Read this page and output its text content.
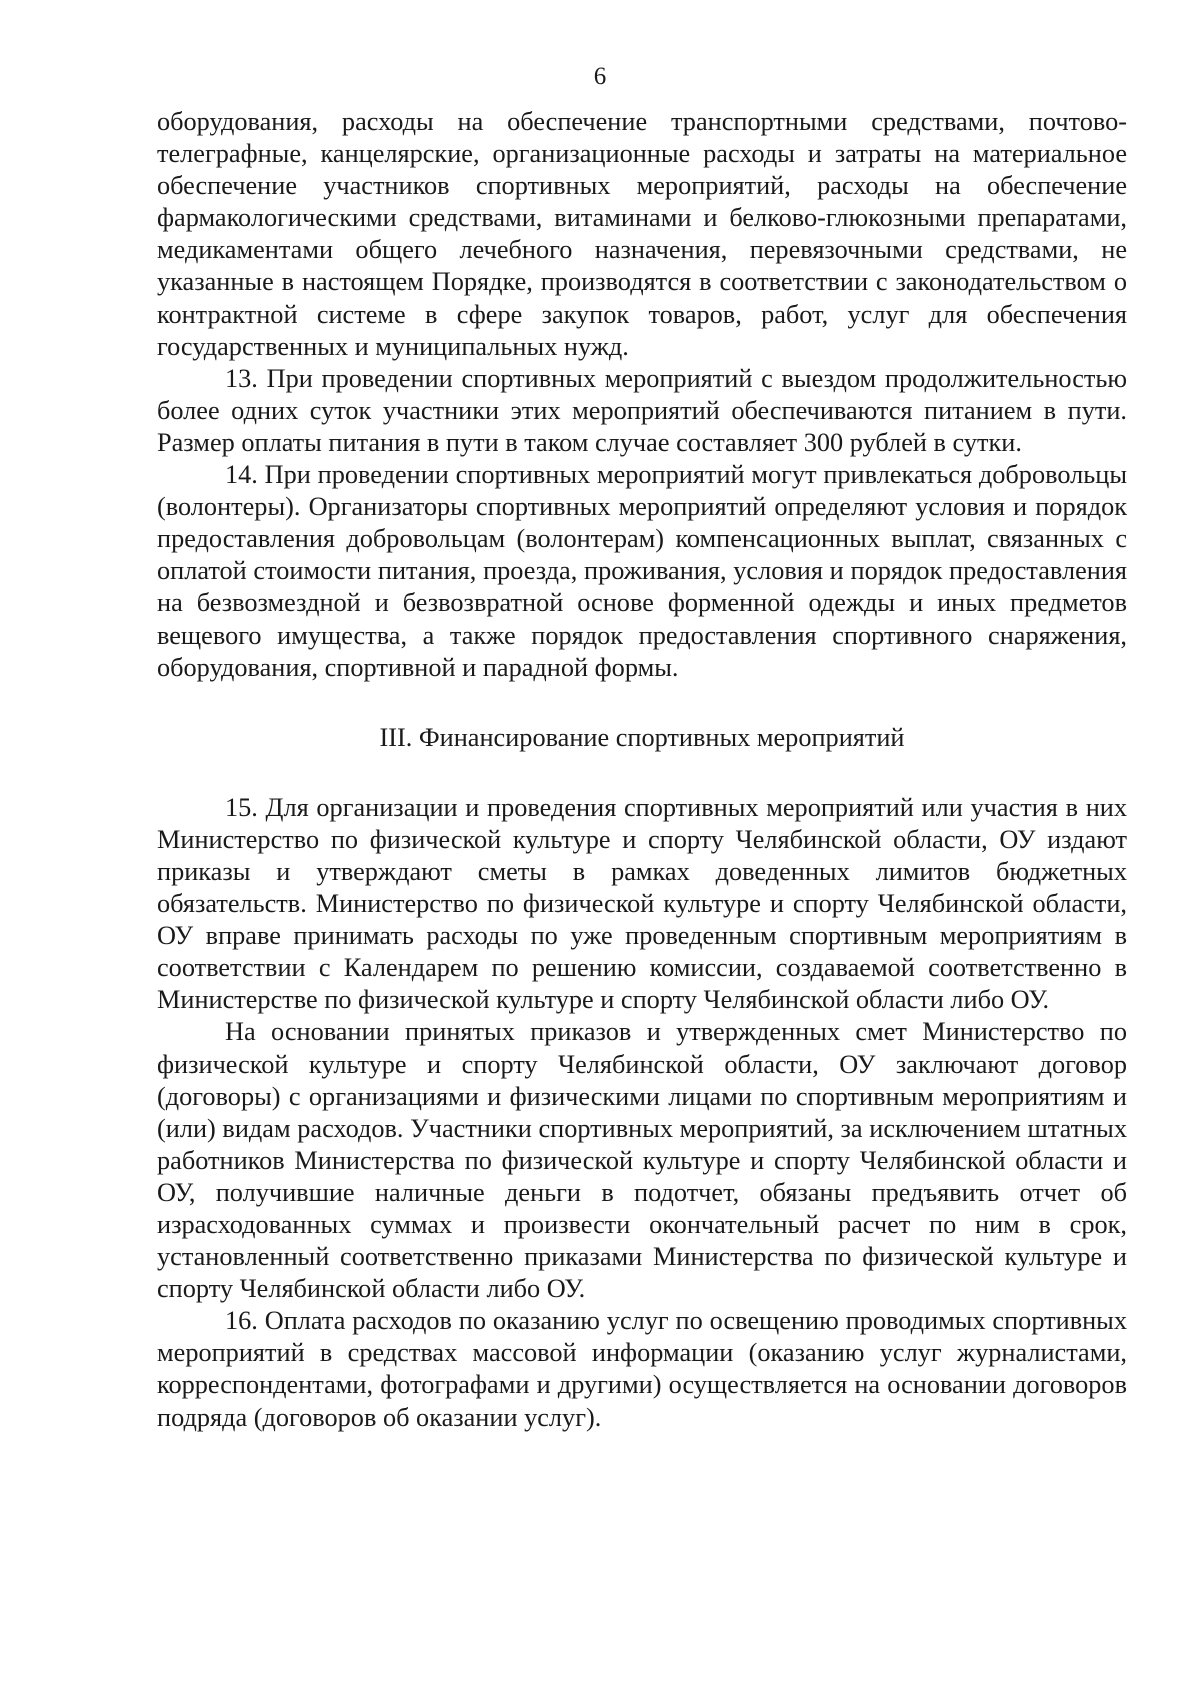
6

оборудования, расходы на обеспечение транспортными средствами, почтово-телеграфные, канцелярские, организационные расходы и затраты на материальное обеспечение участников спортивных мероприятий, расходы на обеспечение фармакологическими средствами, витаминами и белково-глюкозными препаратами, медикаментами общего лечебного назначения, перевязочными средствами, не указанные в настоящем Порядке, производятся в соответствии с законодательством о контрактной системе в сфере закупок товаров, работ, услуг для обеспечения государственных и муниципальных нужд.

13. При проведении спортивных мероприятий с выездом продолжительностью более одних суток участники этих мероприятий обеспечиваются питанием в пути. Размер оплаты питания в пути в таком случае составляет 300 рублей в сутки.

14. При проведении спортивных мероприятий могут привлекаться добровольцы (волонтеры). Организаторы спортивных мероприятий определяют условия и порядок предоставления добровольцам (волонтерам) компенсационных выплат, связанных с оплатой стоимости питания, проезда, проживания, условия и порядок предоставления на безвозмездной и безвозвратной основе форменной одежды и иных предметов вещевого имущества, а также порядок предоставления спортивного снаряжения, оборудования, спортивной и парадной формы.

III. Финансирование спортивных мероприятий

15. Для организации и проведения спортивных мероприятий или участия в них Министерство по физической культуре и спорту Челябинской области, ОУ издают приказы и утверждают сметы в рамках доведенных лимитов бюджетных обязательств. Министерство по физической культуре и спорту Челябинской области, ОУ вправе принимать расходы по уже проведенным спортивным мероприятиям в соответствии с Календарем по решению комиссии, создаваемой соответственно в Министерстве по физической культуре и спорту Челябинской области либо ОУ.

На основании принятых приказов и утвержденных смет Министерство по физической культуре и спорту Челябинской области, ОУ заключают договор (договоры) с организациями и физическими лицами по спортивным мероприятиям и (или) видам расходов. Участники спортивных мероприятий, за исключением штатных работников Министерства по физической культуре и спорту Челябинской области и ОУ, получившие наличные деньги в подотчет, обязаны предъявить отчет об израсходованных суммах и произвести окончательный расчет по ним в срок, установленный соответственно приказами Министерства по физической культуре и спорту Челябинской области либо ОУ.

16. Оплата расходов по оказанию услуг по освещению проводимых спортивных мероприятий в средствах массовой информации (оказанию услуг журналистами, корреспондентами, фотографами и другими) осуществляется на основании договоров подряда (договоров об оказании услуг).
